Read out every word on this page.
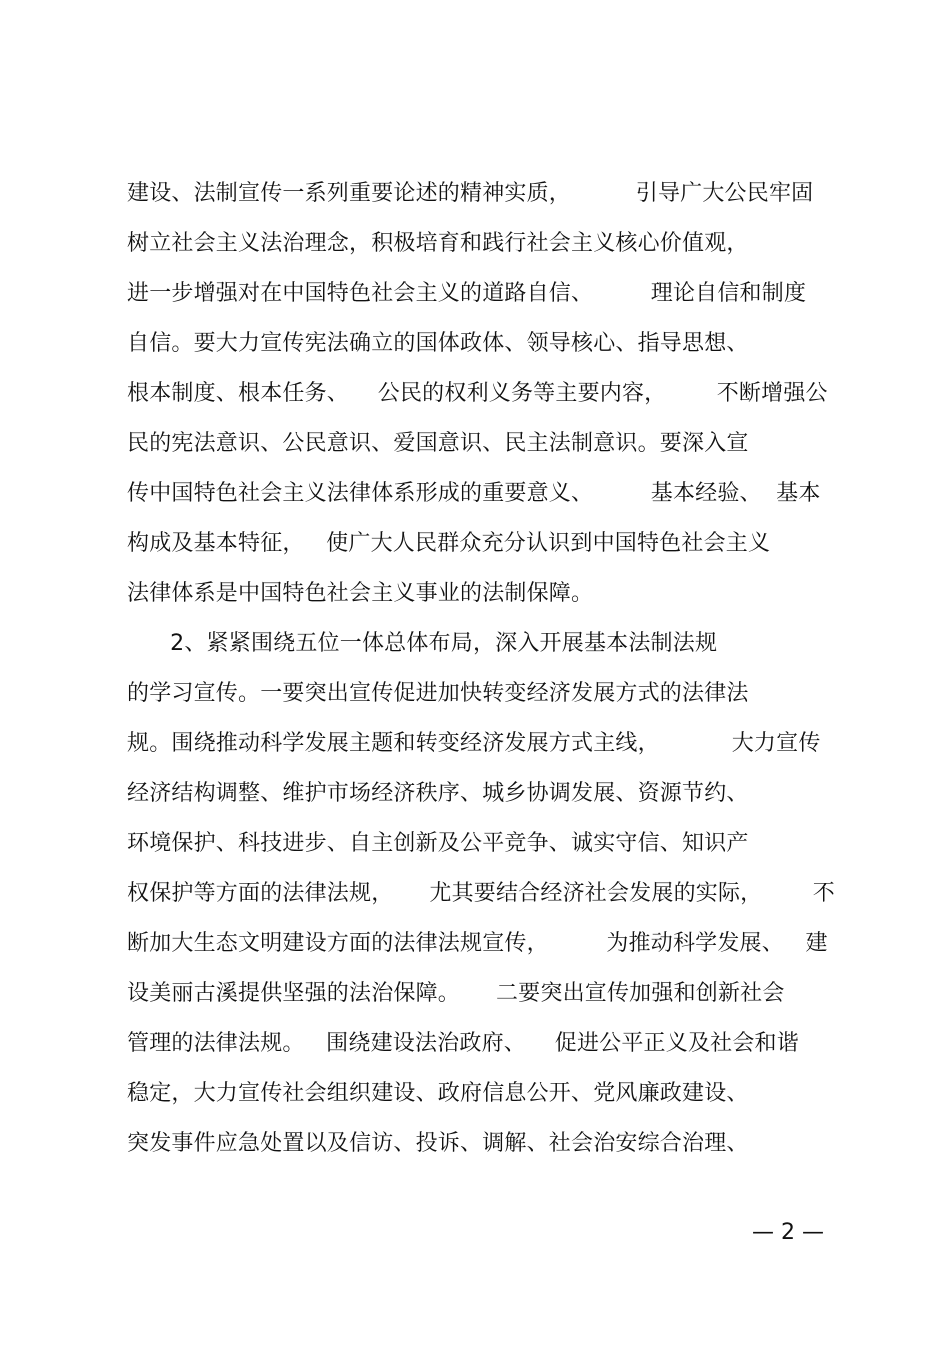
建设、法制宣传一系列重要论述的精神实质，         引导广大公民牢固
树立社会主义法治理念，积极培育和践行社会主义核心价值观，
进一步增强对在中国特色社会主义的道路自信、        理论自信和制度
自信。要大力宣传宪法确立的国体政体、领导核心、指导思想、
根本制度、根本任务、    公民的权利义务等主要内容，       不断增强公
民的宪法意识、公民意识、爱国意识、民主法制意识。要深入宣
传中国特色社会主义法律体系形成的重要意义、        基本经验、  基本
构成及基本特征，   使广大人民群众充分认识到中国特色社会主义
法律体系是中国特色社会主义事业的法制保障。
2、紧紧围绕五位一体总体布局，深入开展基本法制法规
的学习宣传。一要突出宣传促进加快转变经济发展方式的法律法
规。围绕推动科学发展主题和转变经济发展方式主线，          大力宣传
经济结构调整、维护市场经济秩序、城乡协调发展、资源节约、
环境保护、科技进步、自主创新及公平竞争、诚实守信、知识产
权保护等方面的法律法规，     尤其要结合经济社会发展的实际，       不
断加大生态文明建设方面的法律法规宣传，        为推动科学发展、   建
设美丽古溪提供坚强的法治保障。     二要突出宣传加强和创新社会
管理的法律法规。   围绕建设法治政府、    促进公平正义及社会和谐
稳定，大力宣传社会组织建设、政府信息公开、党风廉政建设、
突发事件应急处置以及信访、投诉、调解、社会治安综合治理、
— 2 —
